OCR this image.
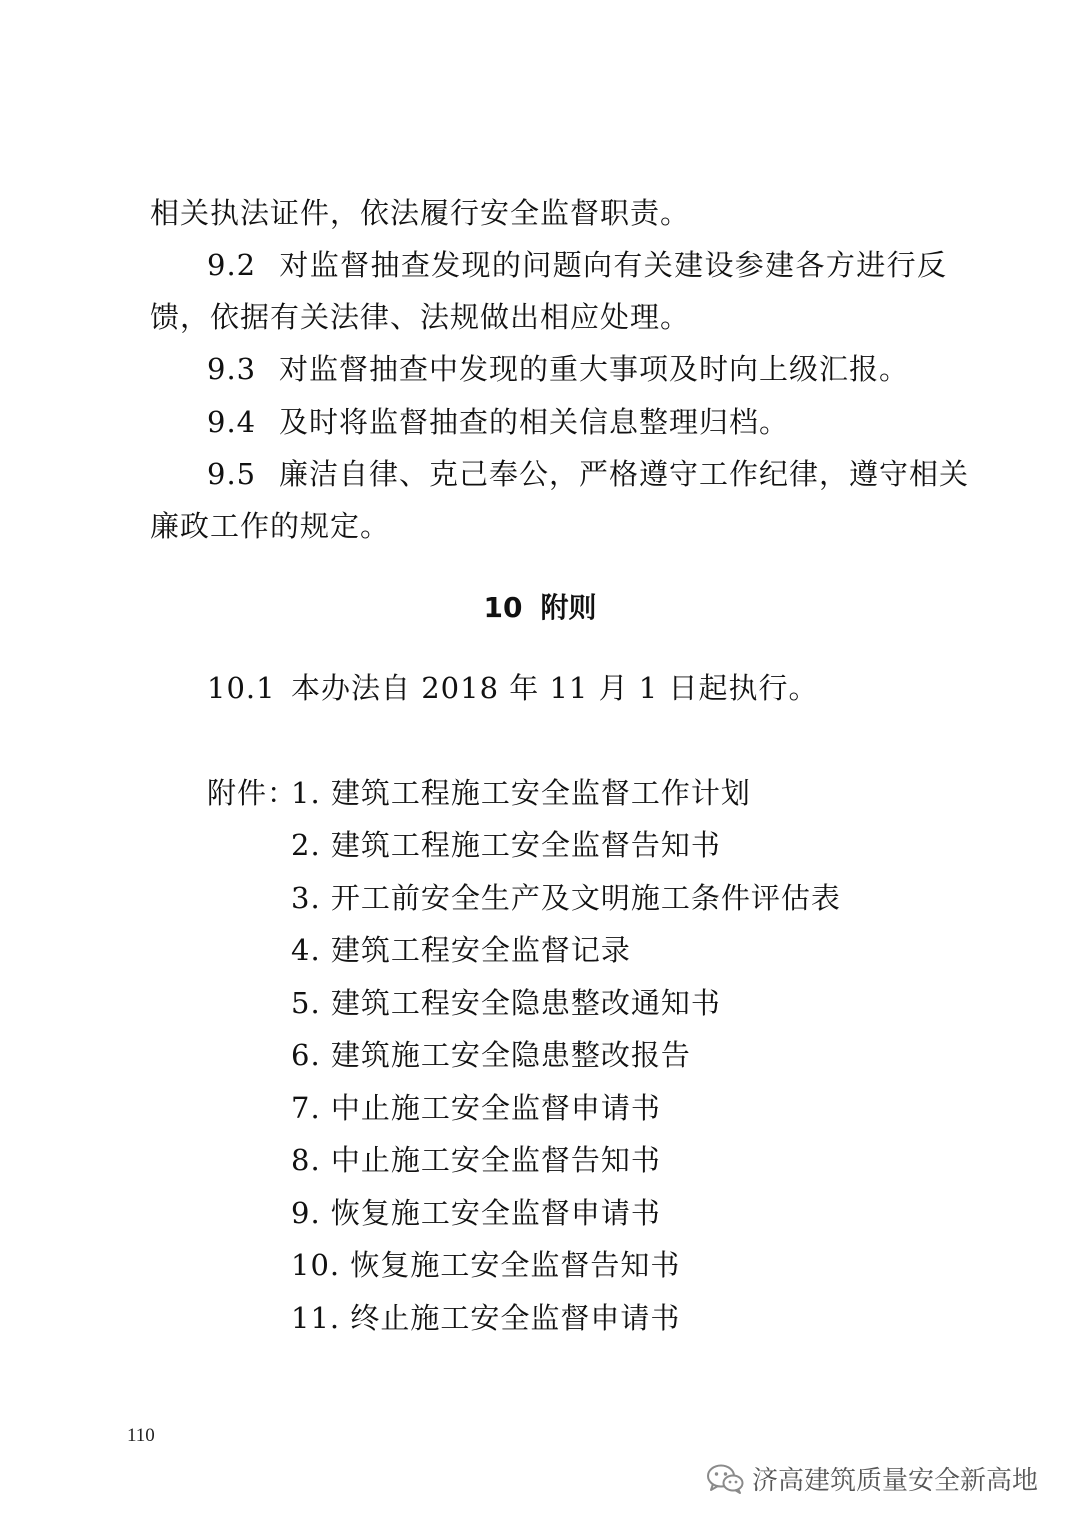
相关执法证件，依法履行安全监督职责。
9.2 对监督抽查发现的问题向有关建设参建各方进行反
馈，依据有关法律、法规做出相应处理。
9.3 对监督抽查中发现的重大事项及时向上级汇报。
9.4 及时将监督抽查的相关信息整理归档。
9.5 廉洁自律、克己奉公，严格遵守工作纪律，遵守相关
廉政工作的规定。
10 附则
10.1 本办法自 2018 年 11 月 1 日起执行。
附件：
1. 建筑工程施工安全监督工作计划
2. 建筑工程施工安全监督告知书
3. 开工前安全生产及文明施工条件评估表
4. 建筑工程安全监督记录
5. 建筑工程安全隐患整改通知书
6. 建筑施工安全隐患整改报告
7. 中止施工安全监督申请书
8. 中止施工安全监督告知书
9. 恢复施工安全监督申请书
10. 恢复施工安全监督告知书
11. 终止施工安全监督申请书
110
济高建筑质量安全新高地
